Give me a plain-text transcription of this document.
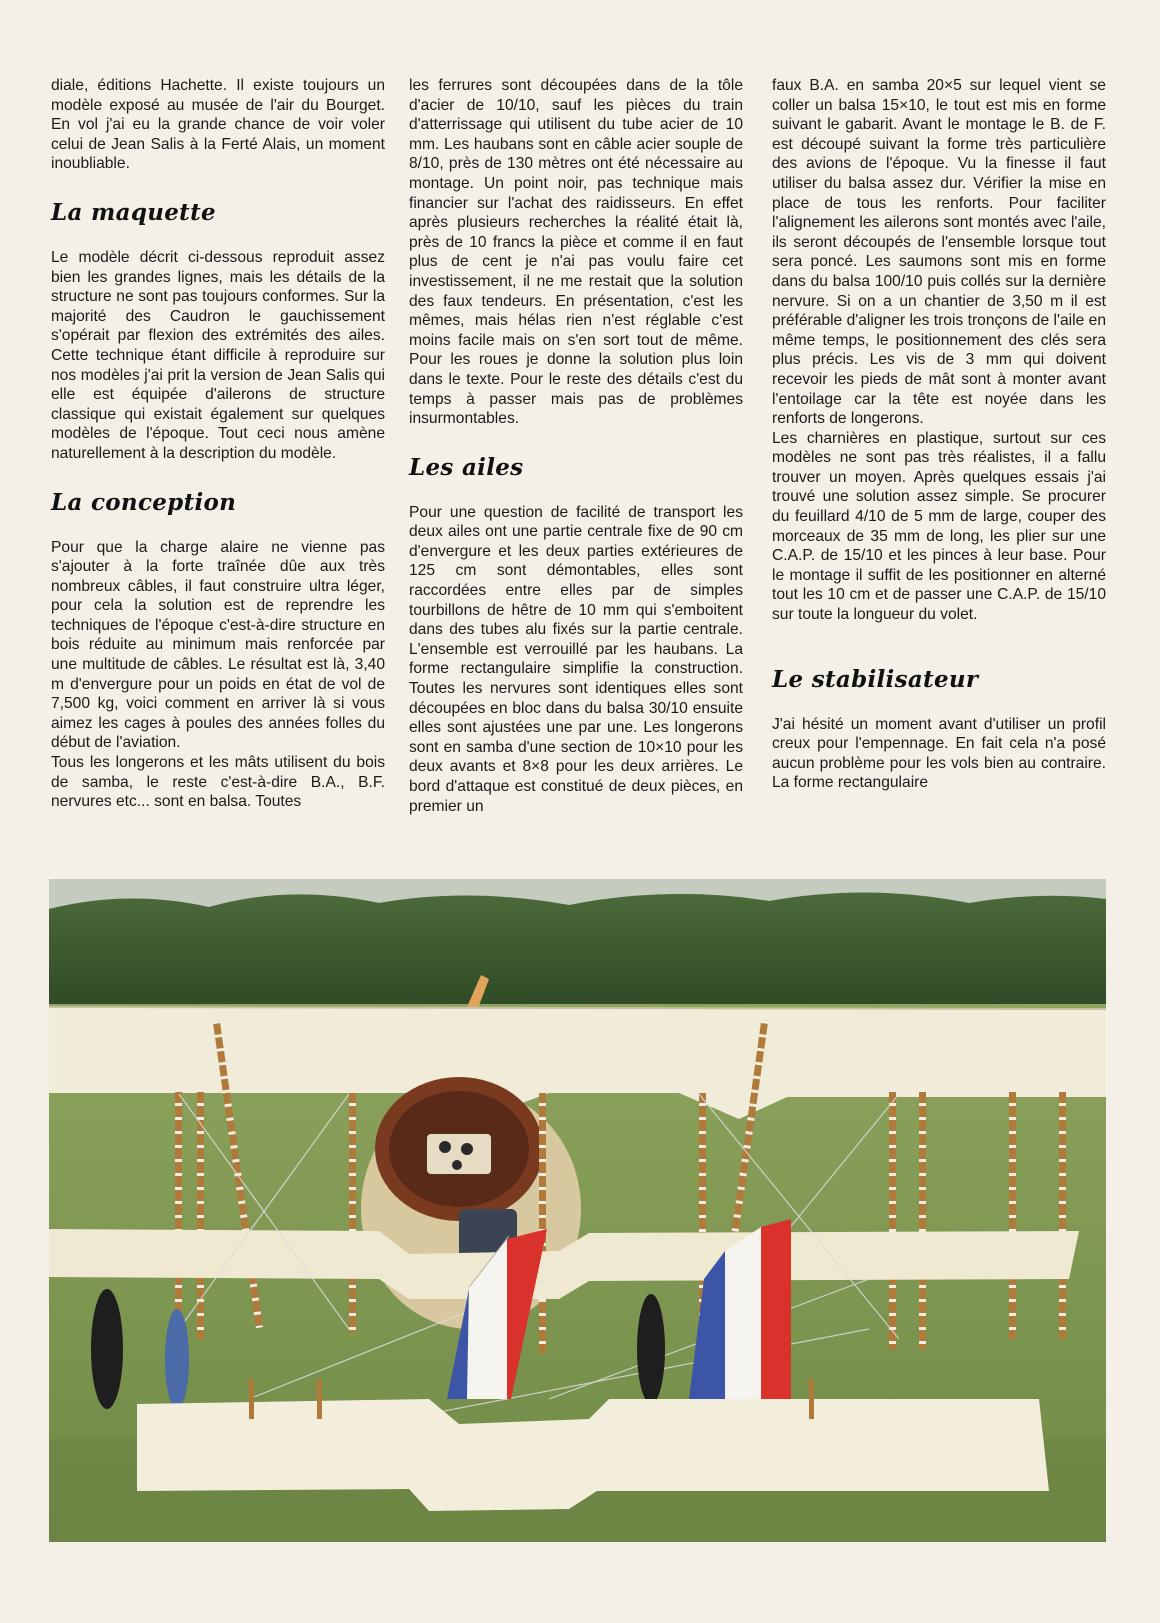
diale, éditions Hachette. Il existe toujours un modèle exposé au musée de l'air du Bourget. En vol j'ai eu la grande chance de voir voler celui de Jean Salis à la Ferté Alais, un moment inoubliable.

La maquette

Le modèle décrit ci-dessous reproduit assez bien les grandes lignes, mais les détails de la structure ne sont pas toujours conformes. Sur la majorité des Caudron le gauchissement s'opérait par flexion des extrémités des ailes. Cette technique étant difficile à reproduire sur nos modèles j'ai prit la version de Jean Salis qui elle est équipée d'ailerons de structure classique qui existait également sur quelques modèles de l'époque. Tout ceci nous amène naturellement à la description du modèle.

La conception

Pour que la charge alaire ne vienne pas s'ajouter à la forte traînée dûe aux très nombreux câbles, il faut construire ultra léger, pour cela la solution est de reprendre les techniques de l'époque c'est-à-dire structure en bois réduite au minimum mais renforcée par une multitude de câbles. Le résultat est là, 3,40 m d'envergure pour un poids en état de vol de 7,500 kg, voici comment en arriver là si vous aimez les cages à poules des années folles du début de l'aviation.

Tous les longerons et les mâts utilisent du bois de samba, le reste c'est-à-dire B.A., B.F. nervures etc... sont en balsa. Toutes

les ferrures sont découpées dans de la tôle d'acier de 10/10, sauf les pièces du train d'atterrissage qui utilisent du tube acier de 10 mm. Les haubans sont en câble acier souple de 8/10, près de 130 mètres ont été nécessaire au montage. Un point noir, pas technique mais financier sur l'achat des raidisseurs. En effet après plusieurs recherches la réalité était là, près de 10 francs la pièce et comme il en faut plus de cent je n'ai pas voulu faire cet investissement, il ne me restait que la solution des faux tendeurs. En présentation, c'est les mêmes, mais hélas rien n'est réglable c'est moins facile mais on s'en sort tout de même. Pour les roues je donne la solution plus loin dans le texte. Pour le reste des détails c'est du temps à passer mais pas de problèmes insurmontables.

Les ailes

Pour une question de facilité de transport les deux ailes ont une partie centrale fixe de 90 cm d'envergure et les deux parties extérieures de 125 cm sont démontables, elles sont raccordées entre elles par de simples tourbillons de hêtre de 10 mm qui s'emboitent dans des tubes alu fixés sur la partie centrale. L'ensemble est verrouillé par les haubans. La forme rectangulaire simplifie la construction. Toutes les nervures sont identiques elles sont découpées en bloc dans du balsa 30/10 ensuite elles sont ajustées une par une. Les longerons sont en samba d'une section de 10×10 pour les deux avants et 8×8 pour les deux arrières. Le bord d'attaque est constitué de deux pièces, en premier un

faux B.A. en samba 20×5 sur lequel vient se coller un balsa 15×10, le tout est mis en forme suivant le gabarit. Avant le montage le B. de F. est découpé suivant la forme très particulière des avions de l'époque. Vu la finesse il faut utiliser du balsa assez dur. Vérifier la mise en place de tous les renforts. Pour faciliter l'alignement les ailerons sont montés avec l'aile, ils seront découpés de l'ensemble lorsque tout sera poncé. Les saumons sont mis en forme dans du balsa 100/10 puis collés sur la dernière nervure. Si on a un chantier de 3,50 m il est préférable d'aligner les trois tronçons de l'aile en même temps, le positionnement des clés sera plus précis. Les vis de 3 mm qui doivent recevoir les pieds de mât sont à monter avant l'entoilage car la tête est noyée dans les renforts de longerons.

Les charnières en plastique, surtout sur ces modèles ne sont pas très réalistes, il a fallu trouver un moyen. Après quelques essais j'ai trouvé une solution assez simple. Se procurer du feuillard 4/10 de 5 mm de large, couper des morceaux de 35 mm de long, les plier sur une C.A.P. de 15/10 et les pinces à leur base. Pour le montage il suffit de les positionner en alterné tout les 10 cm et de passer une C.A.P. de 15/10 sur toute la longueur du volet.

Le stabilisateur

J'ai hésité un moment avant d'utiliser un profil creux pour l'empennage. En fait cela n'a posé aucun problème pour les vols bien au contraire. La forme rectangulaire
